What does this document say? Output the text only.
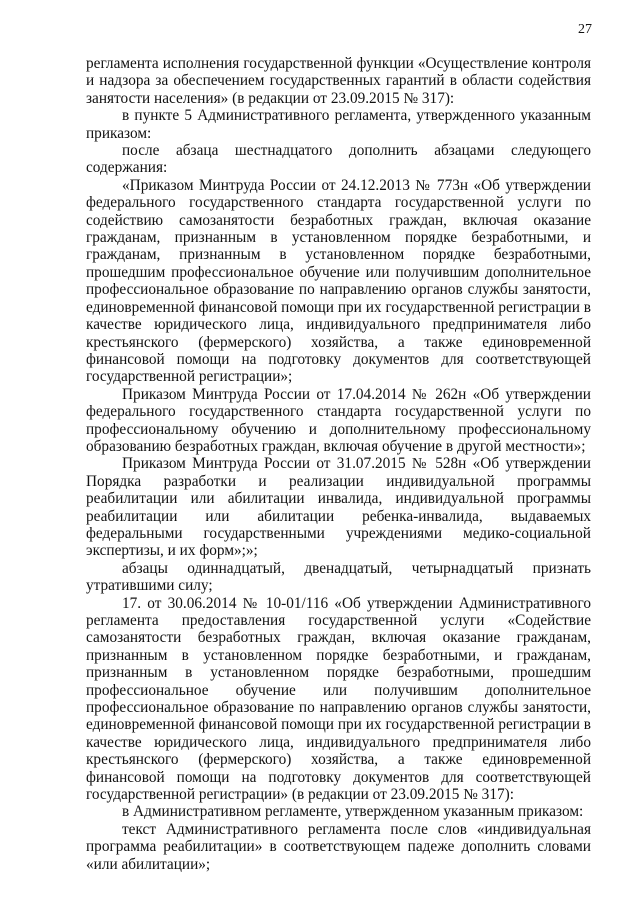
27

регламента исполнения государственной функции «Осуществление контроля и надзора за обеспечением государственных гарантий в области содействия занятости населения» (в редакции от 23.09.2015 № 317):

в пункте 5 Административного регламента, утвержденного указанным приказом:

после абзаца шестнадцатого дополнить абзацами следующего содержания:

«Приказом Минтруда России от 24.12.2013 № 773н «Об утверждении федерального государственного стандарта государственной услуги по содействию самозанятости безработных граждан, включая оказание гражданам, признанным в установленном порядке безработными, и гражданам, признанным в установленном порядке безработными, прошедшим профессиональное обучение или получившим дополнительное профессиональное образование по направлению органов службы занятости, единовременной финансовой помощи при их государственной регистрации в качестве юридического лица, индивидуального предпринимателя либо крестьянского (фермерского) хозяйства, а также единовременной финансовой помощи на подготовку документов для соответствующей государственной регистрации»;

Приказом Минтруда России от 17.04.2014 № 262н «Об утверждении федерального государственного стандарта государственной услуги по профессиональному обучению и дополнительному профессиональному образованию безработных граждан, включая обучение в другой местности»;

Приказом Минтруда России от 31.07.2015 № 528н «Об утверждении Порядка разработки и реализации индивидуальной программы реабилитации или абилитации инвалида, индивидуальной программы реабилитации или абилитации ребенка-инвалида, выдаваемых федеральными государственными учреждениями медико-социальной экспертизы, и их форм»;»;

абзацы одиннадцатый, двенадцатый, четырнадцатый признать утратившими силу;

17. от 30.06.2014 № 10-01/116 «Об утверждении Административного регламента предоставления государственной услуги «Содействие самозанятости безработных граждан, включая оказание гражданам, признанным в установленном порядке безработными, и гражданам, признанным в установленном порядке безработными, прошедшим профессиональное обучение или получившим дополнительное профессиональное образование по направлению органов службы занятости, единовременной финансовой помощи при их государственной регистрации в качестве юридического лица, индивидуального предпринимателя либо крестьянского (фермерского) хозяйства, а также единовременной финансовой помощи на подготовку документов для соответствующей государственной регистрации» (в редакции от 23.09.2015 № 317):

в Административном регламенте, утвержденном указанным приказом:

текст Административного регламента после слов «индивидуальная программа реабилитации» в соответствующем падеже дополнить словами «или абилитации»;
